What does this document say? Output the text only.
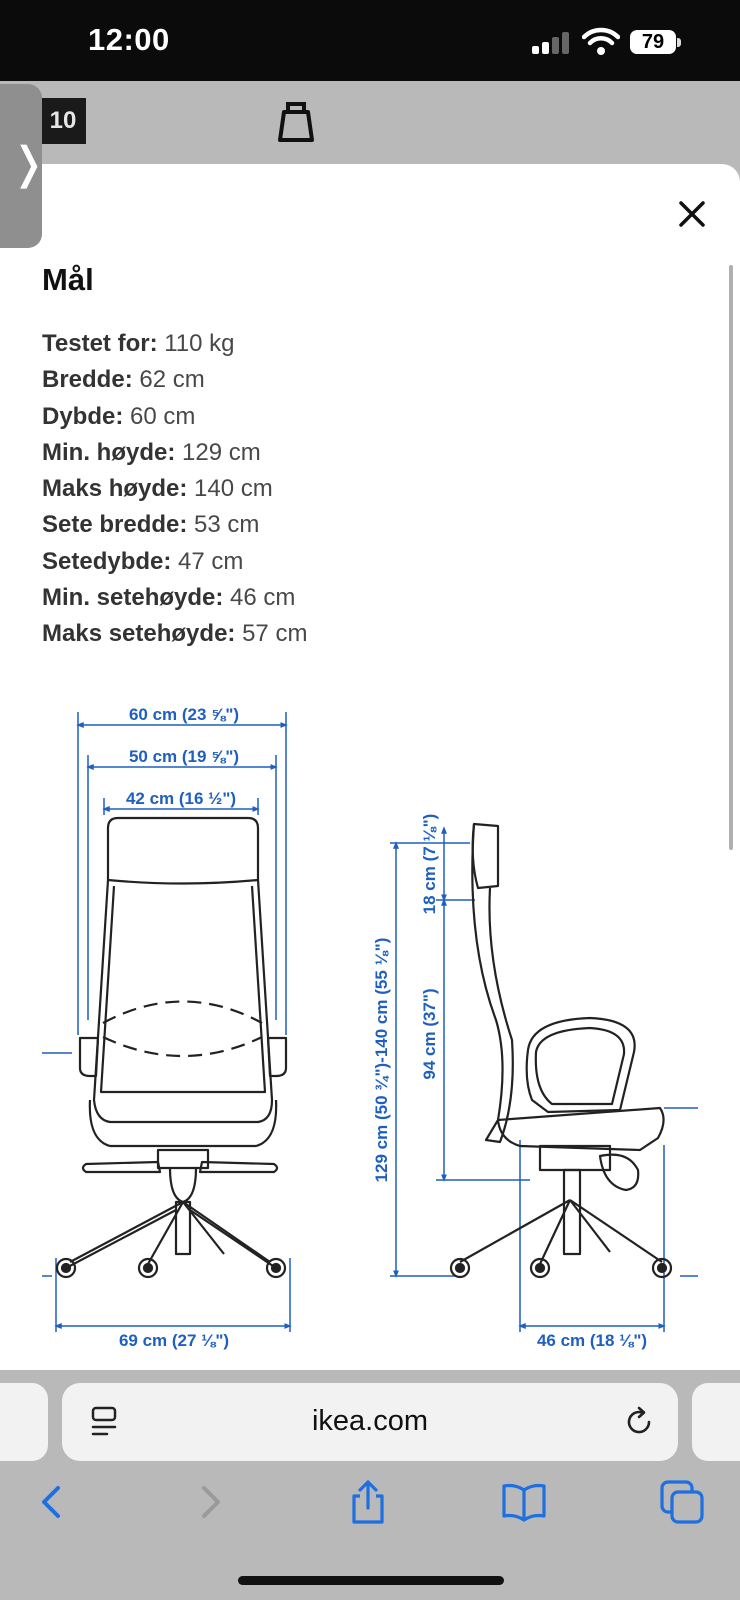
12:00	79
10
❭
Mål
Testet for: 110 kg
Bredde: 62 cm
Dybde: 60 cm
Min. høyde: 129 cm
Maks høyde: 140 cm
Sete bredde: 53 cm
Setedybde: 47 cm
Min. setehøyde: 46 cm
Maks setehøyde: 57 cm
60 cm (23 ⅝")
50 cm (19 ⅝")
42 cm (16 ½")
69 cm (27 ⅛")
129 cm (50 ¾")-140 cm (55 ⅛")
18 cm (7 ⅛")
94 cm (37")
46 cm (18 ⅛")
ikea.com
